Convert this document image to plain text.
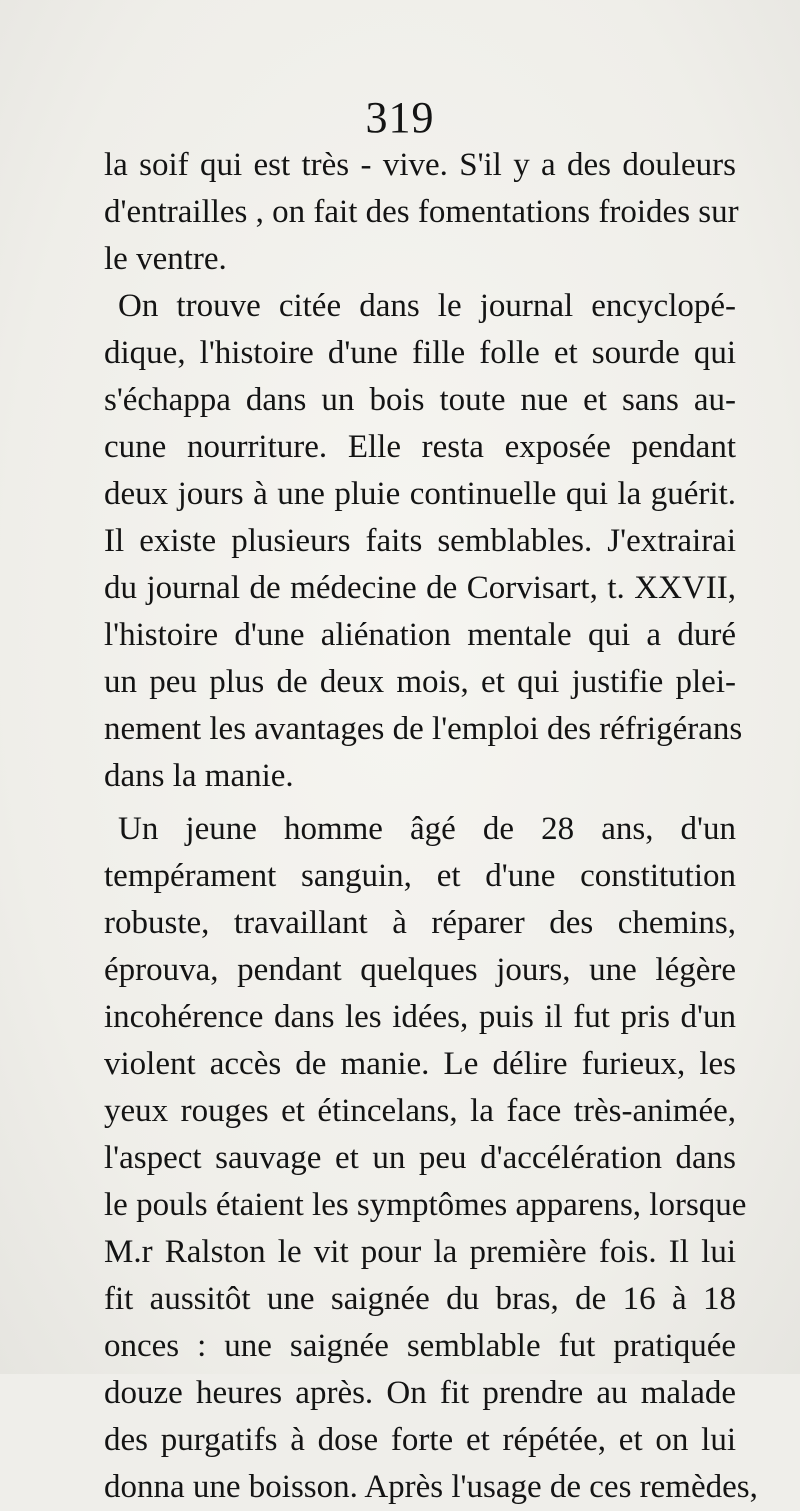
319
la soif qui est très - vive. S'il y a des douleurs
d'entrailles , on fait des fomentations froides sur
le ventre.
On trouve citée dans le journal encyclopé-
dique, l'histoire d'une fille folle et sourde qui
s'échappa dans un bois toute nue et sans au-
cune nourriture. Elle resta exposée pendant
deux jours à une pluie continuelle qui la guérit.
Il existe plusieurs faits semblables. J'extrairai
du journal de médecine de Corvisart, t. XXVII,
l'histoire d'une aliénation mentale qui a duré
un peu plus de deux mois, et qui justifie plei-
nement les avantages de l'emploi des réfrigérans
dans la manie.
Un jeune homme âgé de 28 ans, d'un
tempérament sanguin, et d'une constitution
robuste, travaillant à réparer des chemins,
éprouva, pendant quelques jours, une légère
incohérence dans les idées, puis il fut pris d'un
violent accès de manie. Le délire furieux, les
yeux rouges et étincelans, la face très-animée,
l'aspect sauvage et un peu d'accélération dans
le pouls étaient les symptômes apparens, lorsque
M.r Ralston le vit pour la première fois. Il lui
fit aussitôt une saignée du bras, de 16 à 18
onces : une saignée semblable fut pratiquée
douze heures après. On fit prendre au malade
des purgatifs à dose forte et répétée, et on lui
donna une boisson. Après l'usage de ces remèdes,
